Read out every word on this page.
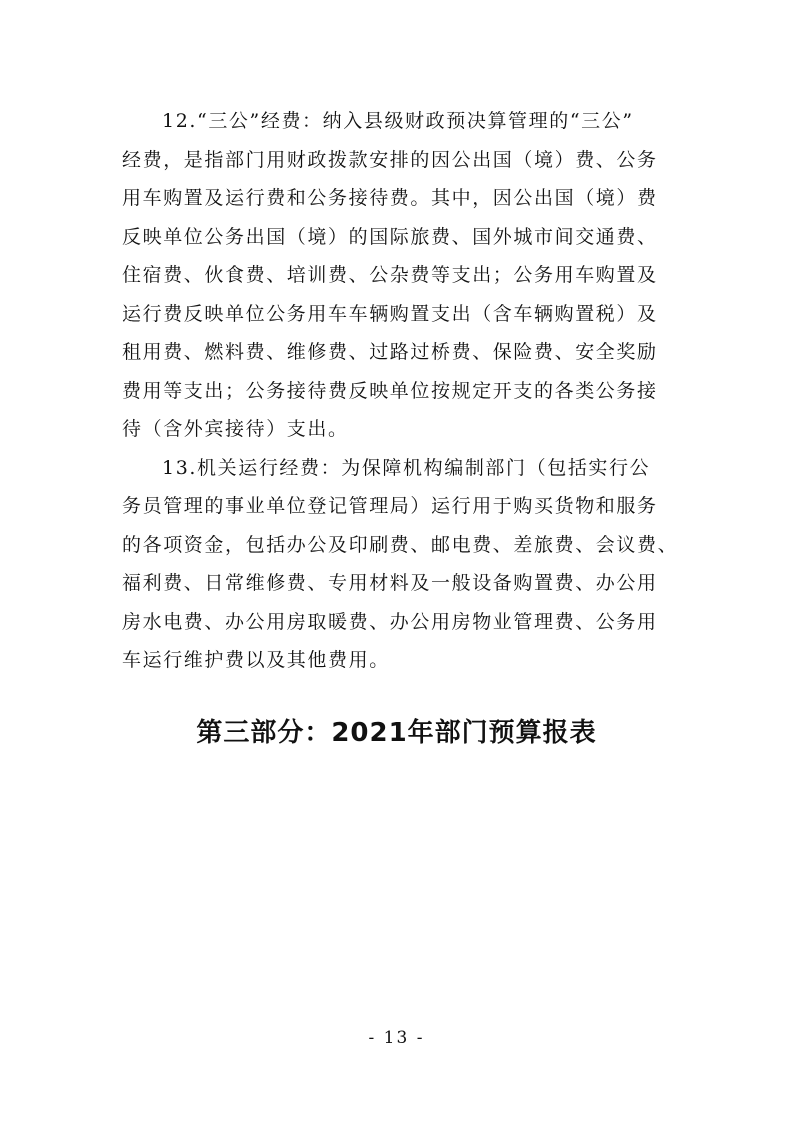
12.“三公”经费：纳入县级财政预决算管理的“三公”
经费，是指部门用财政拨款安排的因公出国（境）费、公务
用车购置及运行费和公务接待费。其中，因公出国（境）费
反映单位公务出国（境）的国际旅费、国外城市间交通费、
住宿费、伙食费、培训费、公杂费等支出；公务用车购置及
运行费反映单位公务用车车辆购置支出（含车辆购置税）及
租用费、燃料费、维修费、过路过桥费、保险费、安全奖励
费用等支出；公务接待费反映单位按规定开支的各类公务接
待（含外宾接待）支出。
13.机关运行经费：为保障机构编制部门（包括实行公
务员管理的事业单位登记管理局）运行用于购买货物和服务
的各项资金，包括办公及印刷费、邮电费、差旅费、会议费、
福利费、日常维修费、专用材料及一般设备购置费、办公用
房水电费、办公用房取暖费、办公用房物业管理费、公务用
车运行维护费以及其他费用。
第三部分：2021年部门预算报表
- 13 -
